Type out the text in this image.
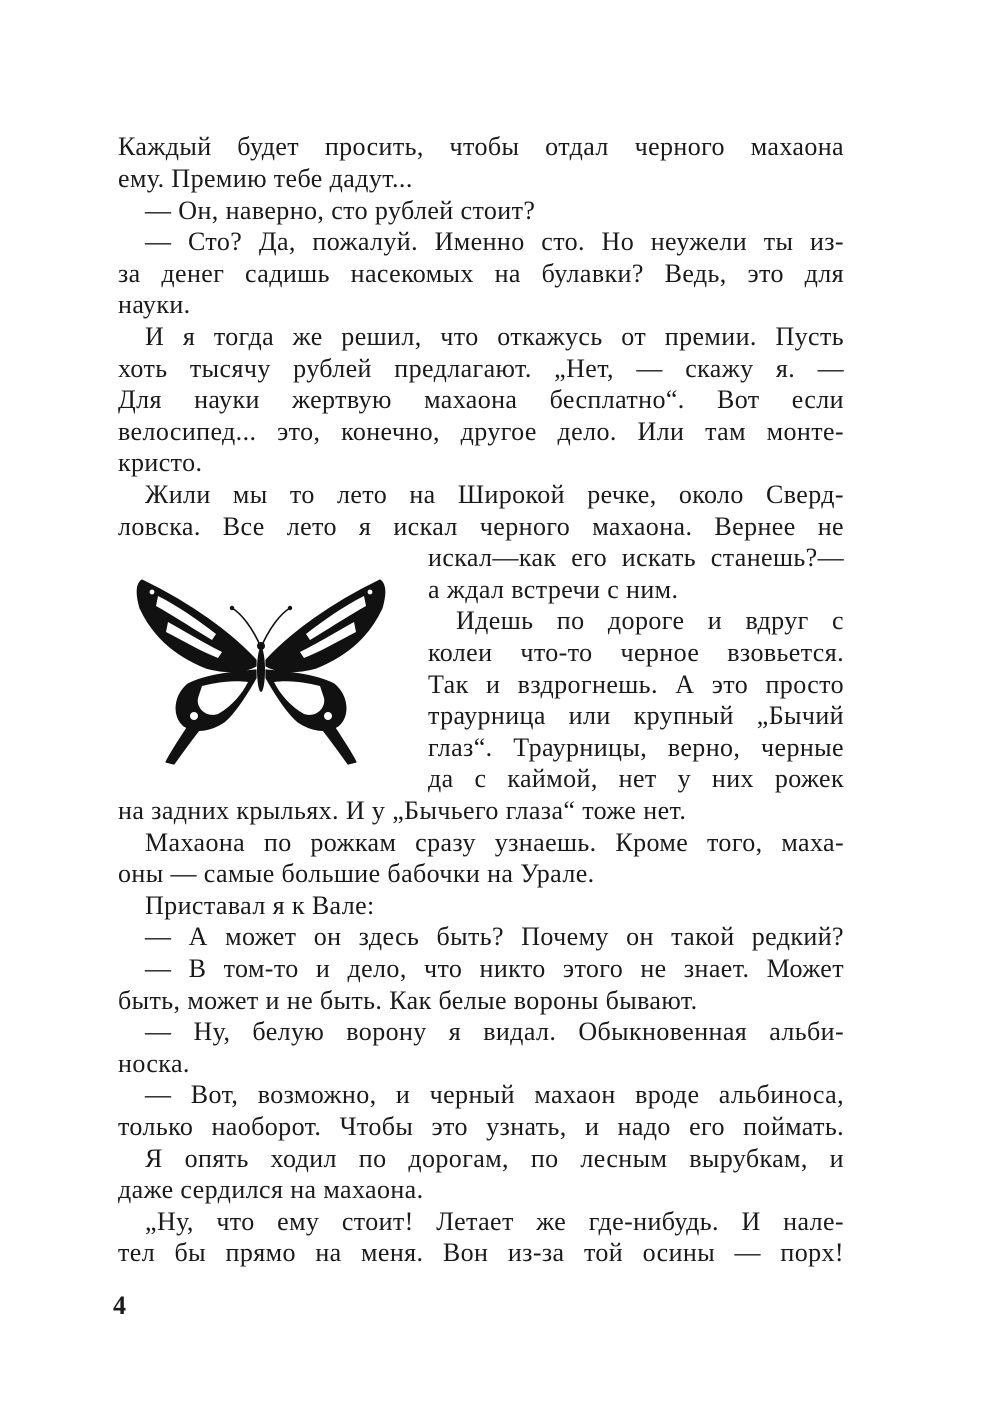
Каждый будет просить, чтобы отдал черного махаона
ему. Премию тебе дадут...
— Он, наверно, сто рублей стоит?
— Сто? Да, пожалуй. Именно сто. Но неужели ты из-
за денег садишь насекомых на булавки? Ведь, это для
науки.
И я тогда же решил, что откажусь от премии. Пусть
хоть тысячу рублей предлагают. „Нет, — скажу я. —
Для науки жертвую махаона бесплатно“. Вот если
велосипед... это, конечно, другое дело. Или там монте-
кристо.
Жили мы то лето на Широкой речке, около Сверд-
ловска. Все лето я искал черного махаона. Вернее не
искал—как его искать станешь?—
а ждал встречи с ним.
Идешь по дороге и вдруг с
колеи что-то черное взовьется.
Так и вздрогнешь. А это просто
траурница или крупный „Бычий
глаз“. Траурницы, верно, черные
да с каймой, нет у них рожек
на задних крыльях. И у „Бычьего глаза“ тоже нет.
Махаона по рожкам сразу узнаешь. Кроме того, маха-
оны — самые большие бабочки на Урале.
Приставал я к Вале:
— А может он здесь быть? Почему он такой редкий?
— В том-то и дело, что никто этого не знает. Может
быть, может и не быть. Как белые вороны бывают.
— Ну, белую ворону я видал. Обыкновенная альби-
носка.
— Вот, возможно, и черный махаон вроде альбиноса,
только наоборот. Чтобы это узнать, и надо его поймать.
Я опять ходил по дорогам, по лесным вырубкам, и
даже сердился на махаона.
„Ну, что ему стоит! Летает же где-нибудь. И нале-
тел бы прямо на меня. Вон из-за той осины — порх!
4
